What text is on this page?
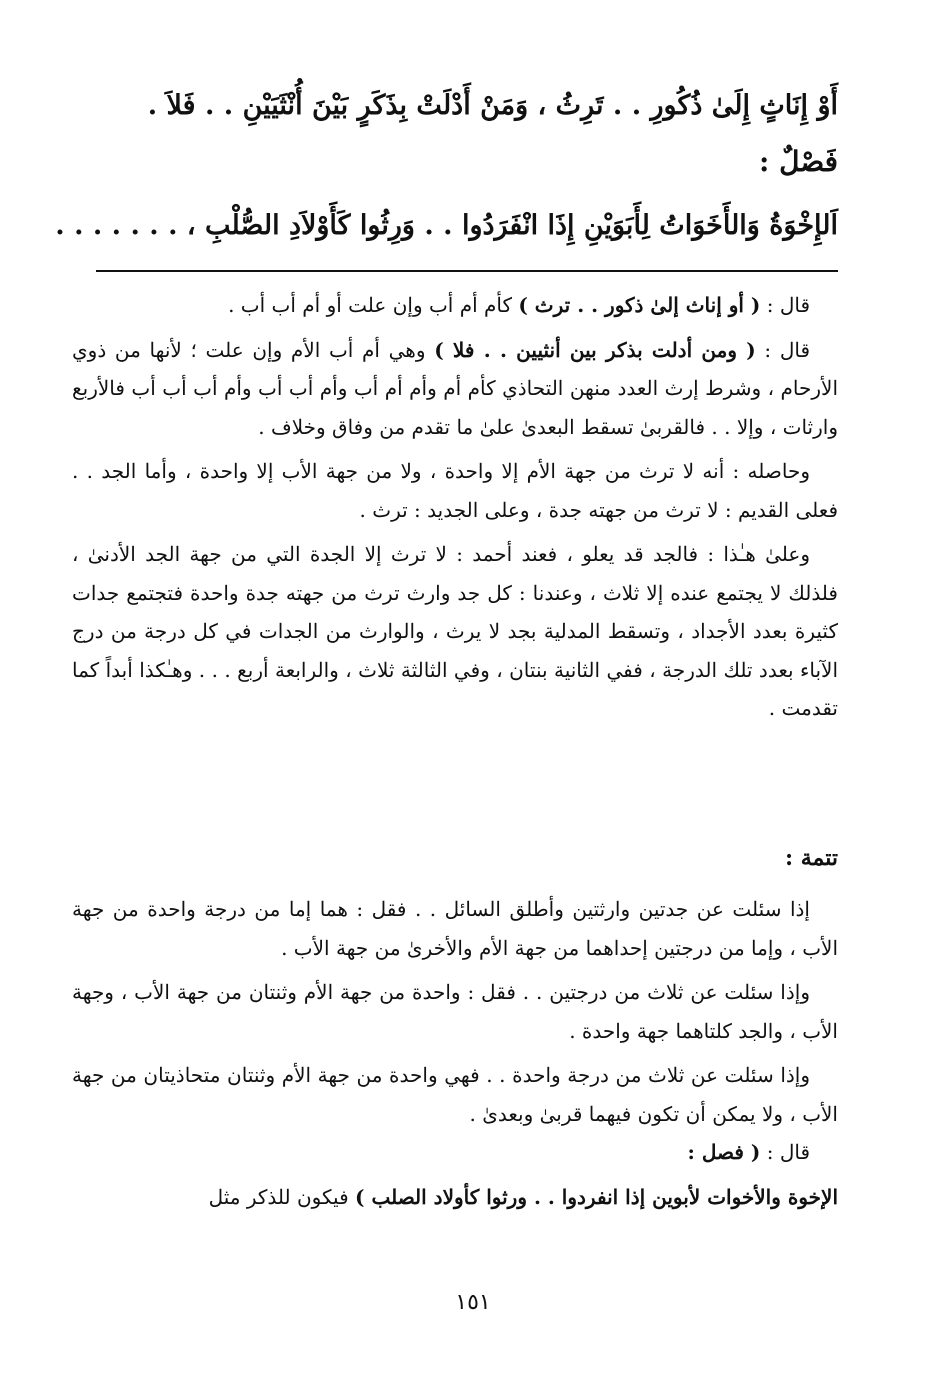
أَوْ إِنَاثٍ إِلَىٰ ذُكُورِ . . تَرِثُ ، وَمَنْ أَدْلَتْ بِذَكَرٍ بَيْنَ أُنْثَيَيْنِ . . فَلاَ .
فَصْلٌ :
اَلإِخْوَةُ وَالأَخَوَاتُ لِأَبَوَيْنِ إِذَا انْفَرَدُوا . . وَرِثُوا كَأَوْلاَدِ الصُّلْبِ ، . . . . . . .

قال : ( أو إناث إلىٰ ذكور . . ترث ) كأم أم أب وإن علت أو أم أب أب .

قال : ( ومن أدلت بذكر بين أنثيين . . فلا ) وهي أم أب الأم وإن علت ؛ لأنها من ذوي الأرحام ، وشرط إرث العدد منهن التحاذي كأم أم وأم أم أب وأم أب أب وأم أب أب أب فالأربع وارثات ، وإلا . . فالقربىٰ تسقط البعدىٰ علىٰ ما تقدم من وفاق وخلاف .

وحاصله : أنه لا ترث من جهة الأم إلا واحدة ، ولا من جهة الأب إلا واحدة ، وأما الجد . . فعلى القديم : لا ترث من جهته جدة ، وعلى الجديد : ترث .

وعلىٰ هـٰذا : فالجد قد يعلو ، فعند أحمد : لا ترث إلا الجدة التي من جهة الجد الأدنىٰ ، فلذلك لا يجتمع عنده إلا ثلاث ، وعندنا : كل جد وارث ترث من جهته جدة واحدة فتجتمع جدات كثيرة بعدد الأجداد ، وتسقط المدلية بجد لا يرث ، والوارث من الجدات في كل درجة من درج الآباء بعدد تلك الدرجة ، ففي الثانية بنتان ، وفي الثالثة ثلاث ، والرابعة أربع . . . وهـٰكذا أبداً كما تقدمت .

تتمة :

إذا سئلت عن جدتين وارثتين وأطلق السائل . . فقل : هما إما من درجة واحدة من جهة الأب ، وإما من درجتين إحداهما من جهة الأم والأخرىٰ من جهة الأب .

وإذا سئلت عن ثلاث من درجتين . . فقل : واحدة من جهة الأم وثنتان من جهة الأب ، وجهة الأب ، والجد كلتاهما جهة واحدة .

وإذا سئلت عن ثلاث من درجة واحدة . . فهي واحدة من جهة الأم وثنتان متحاذيتان من جهة الأب ، ولا يمكن أن تكون فيهما قربىٰ وبعدىٰ .

قال : ( فصل :

الإخوة والأخوات لأبوين إذا انفردوا . . ورثوا كأولاد الصلب ) فيكون للذكر مثل

١٥١
